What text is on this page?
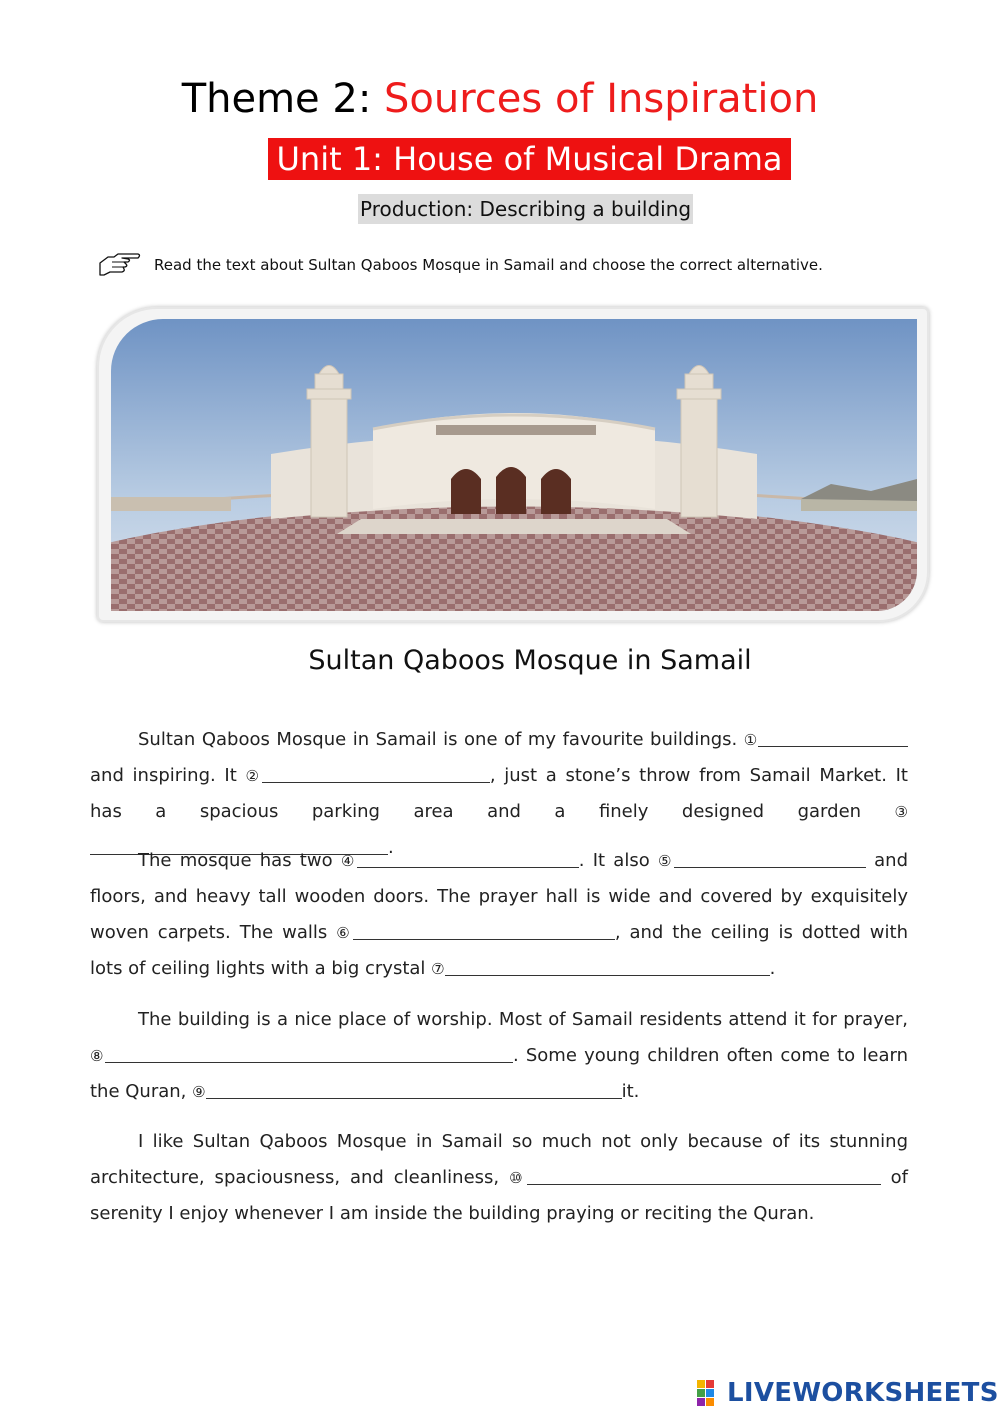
Theme 2: Sources of Inspiration
Unit 1: House of Musical Drama
Production: Describing a building
Read the text about Sultan Qaboos Mosque in Samail and choose the correct alternative.
Sultan Qaboos Mosque in Samail

Sultan Qaboos Mosque in Samail is one of my favourite buildings. ① and inspiring. It ②	, just a stone’s throw from Samail Market. It has a spacious parking area and a finely designed garden ③.

The mosque has two ④	. It also ⑤	and floors, and heavy tall wooden doors. The prayer hall is wide and covered by exquisitely woven carpets. The walls ⑥	, and the ceiling is dotted with lots of ceiling lights with a big crystal ⑦	.

The building is a nice place of worship. Most of Samail residents attend it for prayer, ⑧	. Some young children often come to learn the Quran, ⑨	it.

I like Sultan Qaboos Mosque in Samail so much not only because of its stunning architecture, spaciousness, and cleanliness, ⑩	of serenity I enjoy whenever I am inside the building praying or reciting the Quran.

LIVEWORKSHEETS
